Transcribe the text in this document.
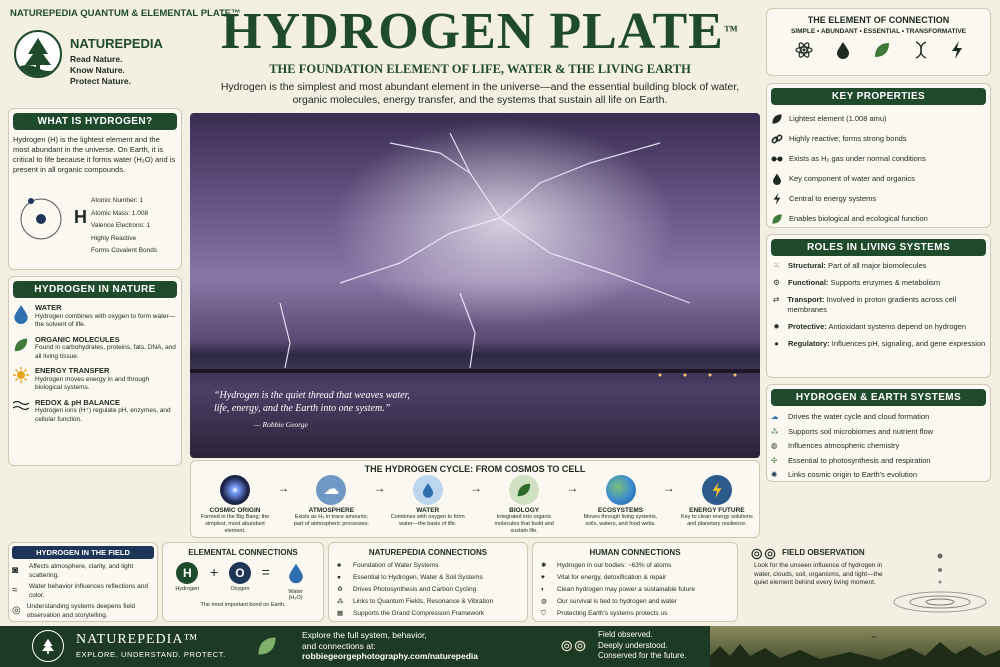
NATUREPEDIA QUANTUM & ELEMENTAL PLATE™
NATUREPEDIA
Read Nature.
Know Nature.
Protect Nature.
HYDROGEN PLATE™
THE FOUNDATION ELEMENT OF LIFE, WATER & THE LIVING EARTH
Hydrogen is the simplest and most abundant element in the universe—and the essential building block of water, organic molecules, energy transfer, and the systems that sustain all life on Earth.
THE ELEMENT OF CONNECTION
SIMPLE • ABUNDANT • ESSENTIAL • TRANSFORMATIVE
WHAT IS HYDROGEN?
Hydrogen (H) is the lightest element and the most abundant in the universe. On Earth, it is critical to life because it forms water (H₂O) and is present in all organic compounds.
H
Atomic Number: 1
Atomic Mass: 1.008
Valence Electrons: 1
Highly Reactive
Forms Covalent Bonds
HYDROGEN IN NATURE
WATER
Hydrogen combines with oxygen to form water—the solvent of life.
ORGANIC MOLECULES
Found in carbohydrates, proteins, fats, DNA, and all living tissue.
ENERGY TRANSFER
Hydrogen moves energy in and through biological systems.
REDOX & pH BALANCE
Hydrogen ions (H⁺) regulate pH, enzymes, and cellular function.
“Hydrogen is the quiet thread that weaves water, life, energy, and the Earth into one system.”
— Robbie George
KEY PROPERTIES
Lightest element (1.008 amu)
Highly reactive; forms strong bonds
Exists as H₂ gas under normal conditions
Key component of water and organics
Central to energy systems
Enables biological and ecological function
ROLES IN LIVING SYSTEMS
⁙	Structural: Part of all major biomolecules
⚙ Functional: Supports enzymes & metabolism
⇄ Transport: Involved in proton gradients across cell membranes
✹	Protective: Antioxidant systems depend on hydrogen
●	Regulatory: Influences pH, signaling, and gene expression
HYDROGEN & EARTH SYSTEMS
☁	Drives the water cycle and cloud formation
⁂	Supports soil microbiomes and nutrient flow
◍	Influences atmospheric chemistry
✣	Essential to photosynthesis and respiration
✺	Links cosmic origin to Earth's evolution
THE HYDROGEN CYCLE: FROM COSMOS TO CELL
COSMIC ORIGIN
Formed in the Big Bang; the simplest, most abundant element.
→	☁
ATMOSPHERE
Exists as H₂ in trace amounts; part of atmospheric processes.
→
WATER
Combines with oxygen to form water—the basis of life.
→
BIOLOGY
Integrated into organic molecules that build and sustain life.
→
ECOSYSTEMS
Moves through living systems, soils, waters, and food webs.
→
ENERGY FUTURE
Key to clean energy solutions and planetary resilience.
HYDROGEN IN THE FIELD
◙	Affects atmosphere, clarity, and light scattering.
≈	Water behavior influences reflections and color.
◎ Understanding systems deepens field observation and storytelling.
ELEMENTAL CONNECTIONS
H
Hydrogen
+	O
Oxygen
=
Water (H₂O)
The most important bond on Earth.
NATUREPEDIA CONNECTIONS
♣	Foundation of Water Systems
●	Essential to Hydrogen, Water & Soil Systems
♻	Drives Photosynthesis and Carbon Cycling
⁂	Links to Quantum Fields, Resonance & Vibration
▦	Supports the Grand Compression Framework
HUMAN CONNECTIONS
✱	Hydrogen in our bodies: ~63% of atoms
♥	Vital for energy, detoxification & repair
◐	Clean hydrogen may power a sustainable future
◍	Our survival is tied to hydrogen and water
⛉	Protecting Earth's systems protects us
⊚⊚ FIELD OBSERVATION
Look for the unseen influence of hydrogen in water, clouds, soil, organisms, and light—the quiet element behind every living moment.
NATUREPEDIA™
EXPLORE. UNDERSTAND. PROTECT.
Explore the full system, behavior,
and connections at:
robbiegeorgephotography.com/naturepedia
⊚⊚
Field observed.
Deeply understood.
Conserved for the future.
